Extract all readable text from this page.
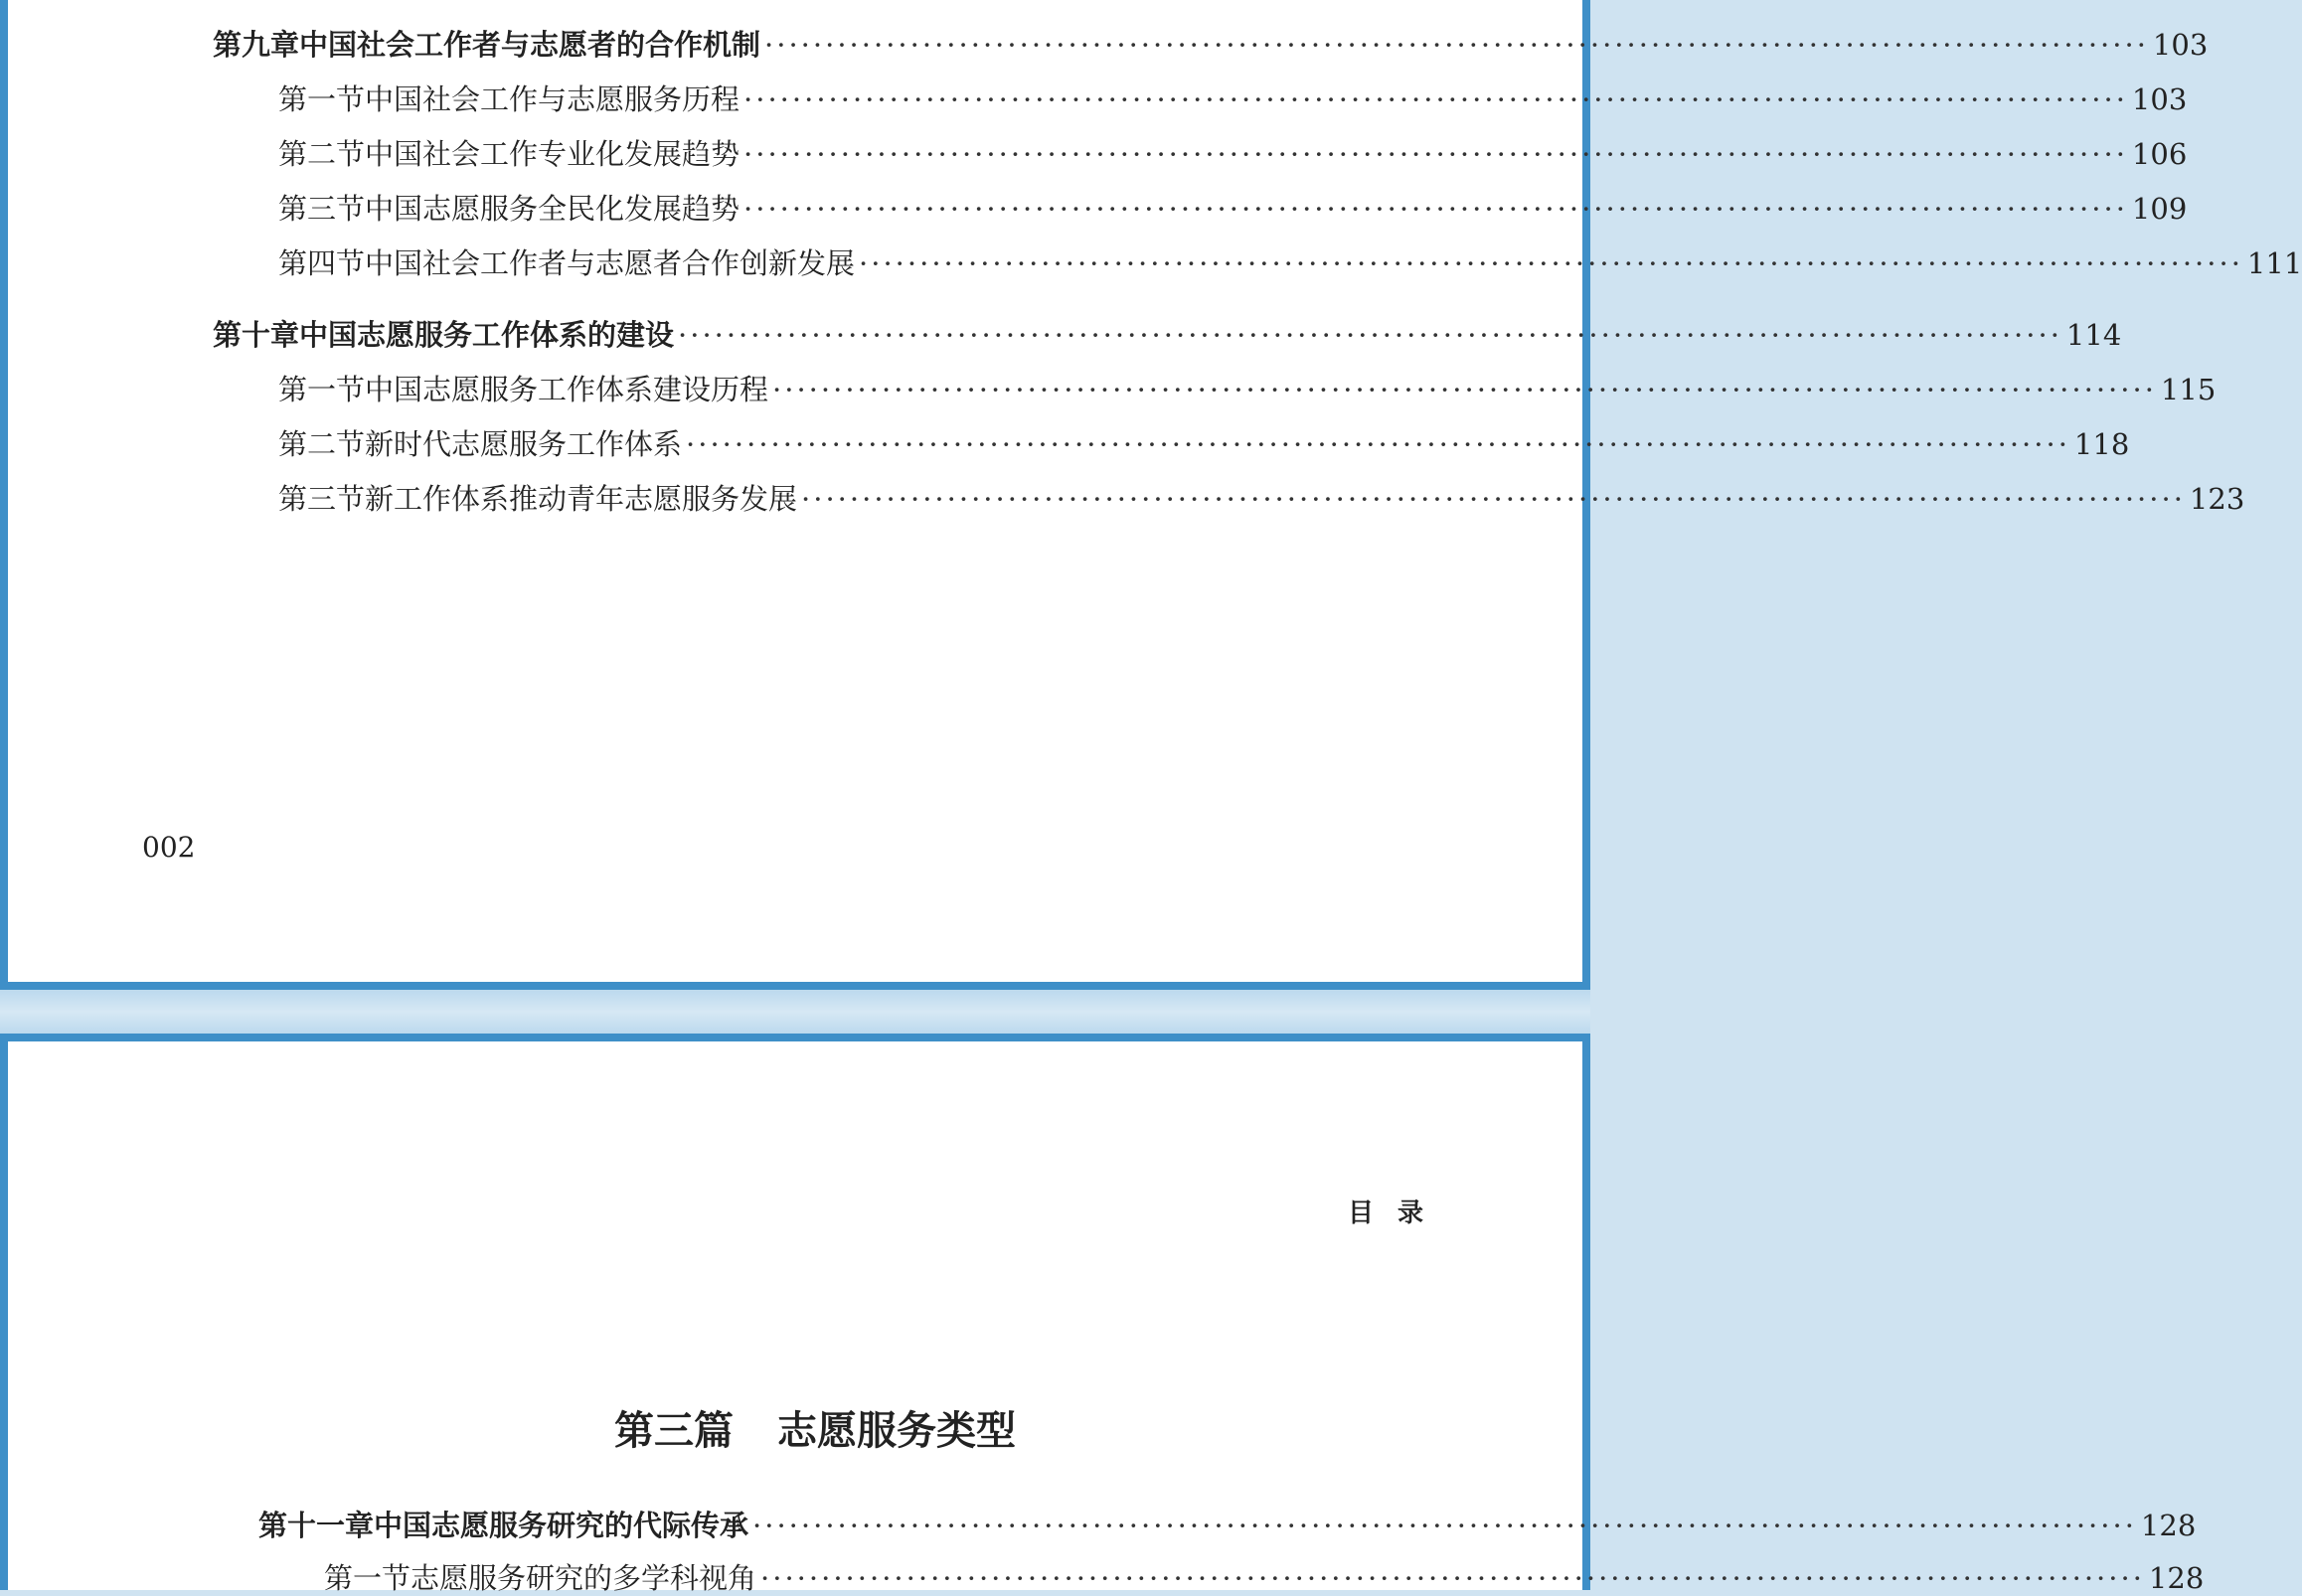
第九章 中国社会工作者与志愿者的合作机制 ·················································································································· 103
第一节 中国社会工作与志愿服务历程 ·················································································································· 103
第二节 中国社会工作专业化发展趋势 ·················································································································· 106
第三节 中国志愿服务全民化发展趋势 ·················································································································· 109
第四节 中国社会工作者与志愿者合作创新发展 ·················································································································· 111
第十章 中国志愿服务工作体系的建设 ·················································································································· 114
第一节 中国志愿服务工作体系建设历程 ·················································································································· 115
第二节 新时代志愿服务工作体系 ·················································································································· 118
第三节 新工作体系推动青年志愿服务发展 ·················································································································· 123
002
目录
第三篇 志愿服务类型
第十一章 中国志愿服务研究的代际传承 ·················································································································· 128
第一节 志愿服务研究的多学科视角 ·················································································································· 128
